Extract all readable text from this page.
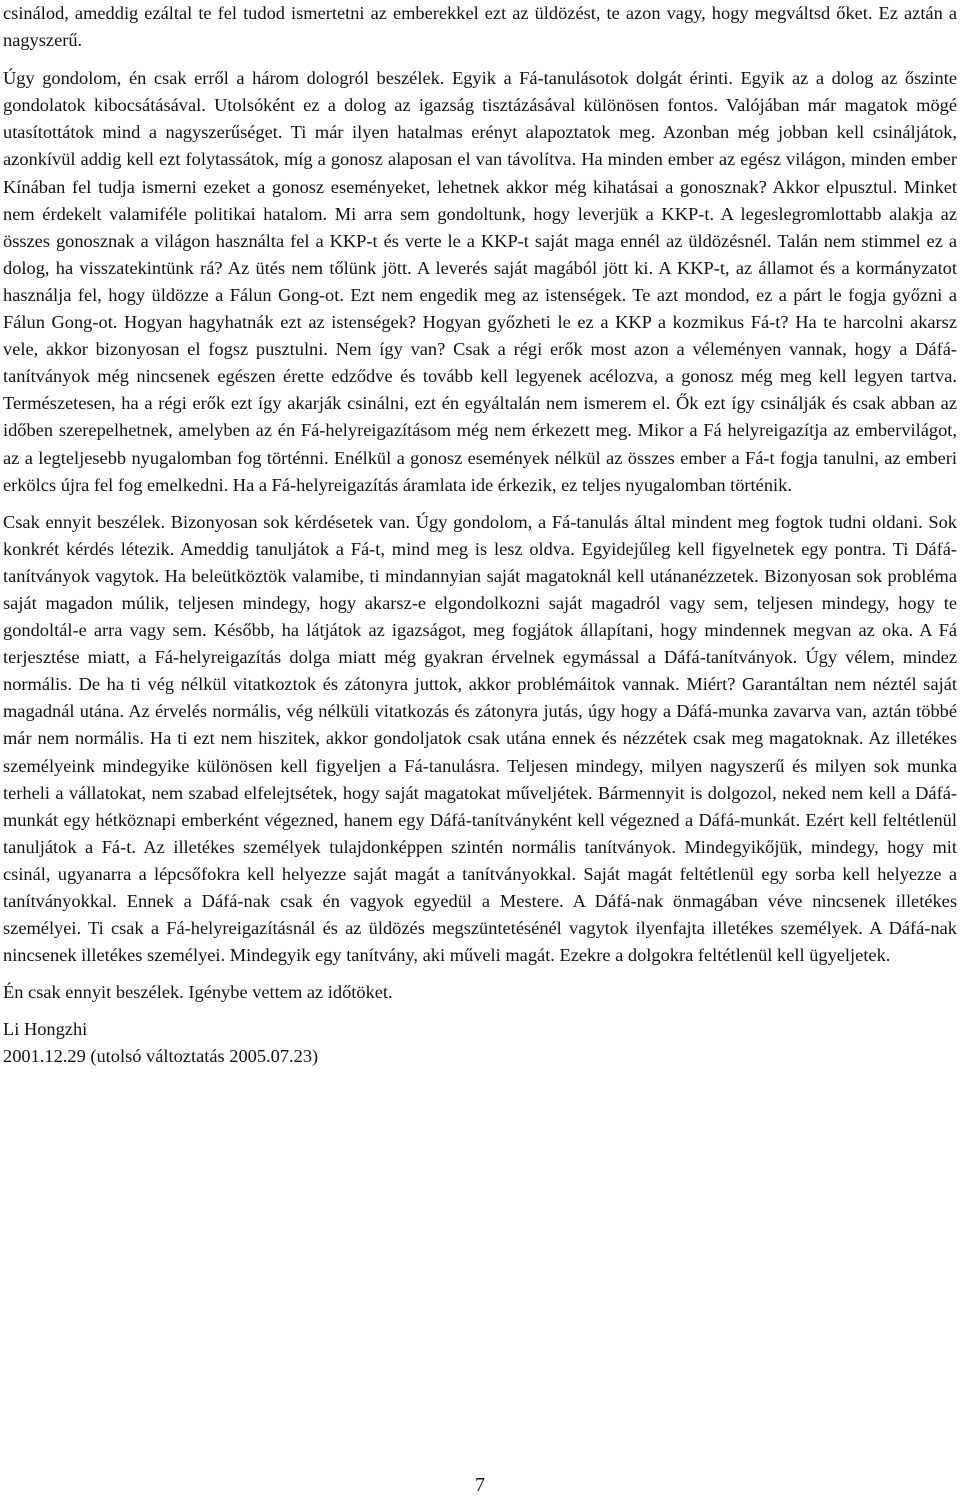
csinálod, ameddig ezáltal te fel tudod ismertetni az emberekkel ezt az üldözést, te azon vagy, hogy megváltsd őket. Ez aztán a nagyszerű.

Úgy gondolom, én csak erről a három dologról beszélek. Egyik a Fá-tanulásotok dolgát érinti. Egyik az a dolog az őszinte gondolatok kibocsátásával. Utolsóként ez a dolog az igazság tisztázásával különösen fontos. Valójában már magatok mögé utasítottátok mind a nagyszerűséget. Ti már ilyen hatalmas erényt alapoztatok meg. Azonban még jobban kell csináljátok, azonkívül addig kell ezt folytassátok, míg a gonosz alaposan el van távolítva. Ha minden ember az egész világon, minden ember Kínában fel tudja ismerni ezeket a gonosz eseményeket, lehetnek akkor még kihatásai a gonosznak? Akkor elpusztul. Minket nem érdekelt valamiféle politikai hatalom. Mi arra sem gondoltunk, hogy leverjük a KKP-t. A legeslegromlottabb alakja az összes gonosznak a világon használta fel a KKP-t és verte le a KKP-t saját maga ennél az üldözésnél. Talán nem stimmel ez a dolog, ha visszatekintünk rá? Az ütés nem tőlünk jött. A leverés saját magából jött ki. A KKP-t, az államot és a kormányzatot használja fel, hogy üldözze a Fálun Gong-ot. Ezt nem engedik meg az istenségek. Te azt mondod, ez a párt le fogja győzni a Fálun Gong-ot. Hogyan hagyhatnák ezt az istenségek? Hogyan győzheti le ez a KKP a kozmikus Fá-t? Ha te harcolni akarsz vele, akkor bizonyosan el fogsz pusztulni. Nem így van? Csak a régi erők most azon a véleményen vannak, hogy a Dáfá-tanítványok még nincsenek egészen érette edződve és tovább kell legyenek acélozva, a gonosz még meg kell legyen tartva. Természetesen, ha a régi erők ezt így akarják csinálni, ezt én egyáltalán nem ismerem el. Ők ezt így csinálják és csak abban az időben szerepelhetnek, amelyben az én Fá-helyreigazításom még nem érkezett meg. Mikor a Fá helyreigazítja az embervilágot, az a legteljesebb nyugalomban fog történni. Enélkül a gonosz események nélkül az összes ember a Fá-t fogja tanulni, az emberi erkölcs újra fel fog emelkedni. Ha a Fá-helyreigazítás áramlata ide érkezik, ez teljes nyugalomban történik.

Csak ennyit beszélek. Bizonyosan sok kérdésetek van. Úgy gondolom, a Fá-tanulás által mindent meg fogtok tudni oldani. Sok konkrét kérdés létezik. Ameddig tanuljátok a Fá-t, mind meg is lesz oldva. Egyidejűleg kell figyelnetek egy pontra. Ti Dáfá-tanítványok vagytok. Ha beleütköztök valamibe, ti mindannyian saját magatoknál kell utánanézzetek. Bizonyosan sok probléma saját magadon múlik, teljesen mindegy, hogy akarsz-e elgondolkozni saját magadról vagy sem, teljesen mindegy, hogy te gondoltál-e arra vagy sem. Később, ha látjátok az igazságot, meg fogjátok állapítani, hogy mindennek megvan az oka. A Fá terjesztése miatt, a Fá-helyreigazítás dolga miatt még gyakran érvelnek egymással a Dáfá-tanítványok. Úgy vélem, mindez normális. De ha ti vég nélkül vitatkoztok és zátonyra juttok, akkor problémáitok vannak. Miért? Garantáltan nem néztél saját magadnál utána. Az érvelés normális, vég nélküli vitatkozás és zátonyra jutás, úgy hogy a Dáfá-munka zavarva van, aztán többé már nem normális. Ha ti ezt nem hiszitek, akkor gondoljatok csak utána ennek és nézzétek csak meg magatoknak. Az illetékes személyeink mindegyike különösen kell figyeljen a Fá-tanulásra. Teljesen mindegy, milyen nagyszerű és milyen sok munka terheli a vállatokat, nem szabad elfelejtsétek, hogy saját magatokat műveljétek. Bármennyit is dolgozol, neked nem kell a Dáfá-munkát egy hétköznapi emberként végezned, hanem egy Dáfá-tanítványként kell végezned a Dáfá-munkát. Ezért kell feltétlenül tanuljátok a Fá-t. Az illetékes személyek tulajdonképpen szintén normális tanítványok. Mindegyikőjük, mindegy, hogy mit csinál, ugyanarra a lépcsőfokra kell helyezze saját magát a tanítványokkal. Saját magát feltétlenül egy sorba kell helyezze a tanítványokkal. Ennek a Dáfá-nak csak én vagyok egyedül a Mestere. A Dáfá-nak önmagában véve nincsenek illetékes személyei. Ti csak a Fá-helyreigazításnál és az üldözés megszüntetésénél vagytok ilyenfajta illetékes személyek. A Dáfá-nak nincsenek illetékes személyei. Mindegyik egy tanítvány, aki műveli magát. Ezekre a dolgokra feltétlenül kell ügyeljetek.

Én csak ennyit beszélek. Igénybe vettem az időtöket.

Li Hongzhi

2001.12.29 (utolsó változtatás 2005.07.23)

7
